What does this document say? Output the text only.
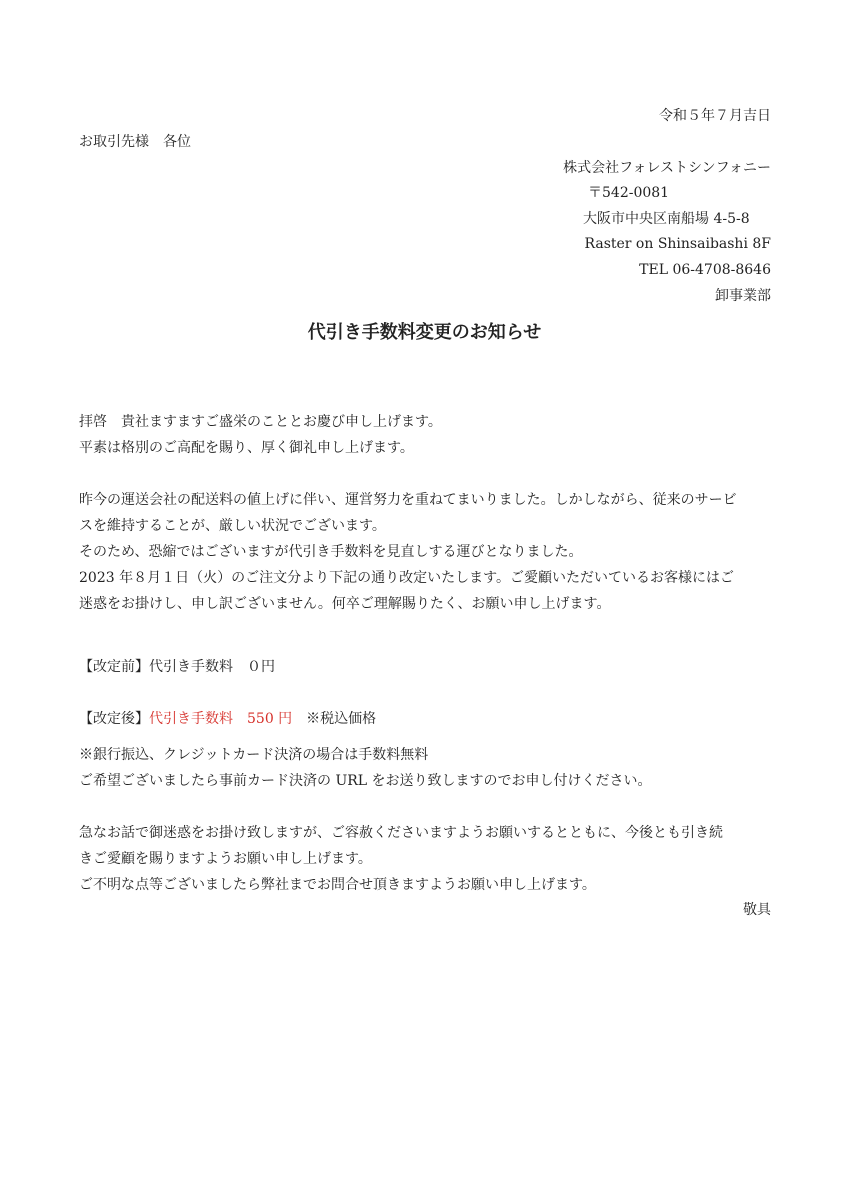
令和５年７月吉日
お取引先様　各位
株式会社フォレストシンフォニー
〒542-0081
大阪市中央区南船場 4-5-8
Raster on Shinsaibashi 8F
TEL 06-4708-8646
卸事業部
代引き手数料変更のお知らせ
拝啓　貴社ますますご盛栄のこととお慶び申し上げます。
平素は格別のご高配を賜り、厚く御礼申し上げます。
昨今の運送会社の配送料の値上げに伴い、運営努力を重ねてまいりました。しかしながら、従来のサービ
スを維持することが、厳しい状況でございます。
そのため、恐縮ではございますが代引き手数料を見直しする運びとなりました。
2023 年８月１日（火）のご注文分より下記の通り改定いたします。ご愛顧いただいているお客様にはご
迷惑をお掛けし、申し訳ございません。何卒ご理解賜りたく、お願い申し上げます。
【改定前】代引き手数料　０円
【改定後】代引き手数料　550 円　※税込価格
※銀行振込、クレジットカード決済の場合は手数料無料
ご希望ございましたら事前カード決済の URL をお送り致しますのでお申し付けください。
急なお話で御迷惑をお掛け致しますが、ご容赦くださいますようお願いするとともに、今後とも引き続
きご愛顧を賜りますようお願い申し上げます。
ご不明な点等ございましたら弊社までお問合せ頂きますようお願い申し上げます。
敬具
